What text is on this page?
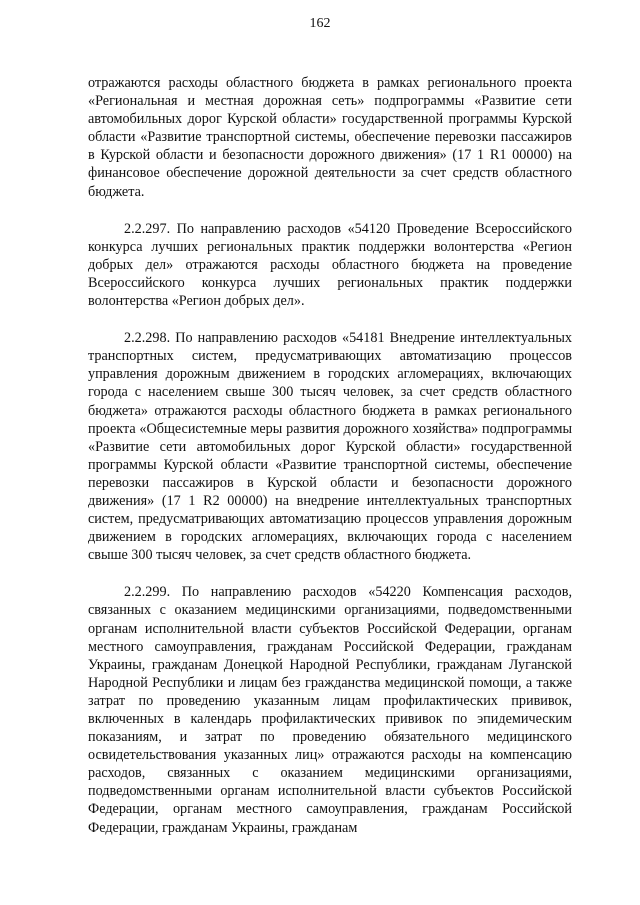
162

отражаются расходы областного бюджета в рамках регионального проекта «Региональная и местная дорожная сеть» подпрограммы «Развитие сети автомобильных дорог Курской области» государственной программы Курской области «Развитие транспортной системы, обеспечение перевозки пассажиров в Курской области и безопасности дорожного движения» (17 1 R1 00000) на финансовое обеспечение дорожной деятельности за счет средств областного бюджета.

2.2.297. По направлению расходов «54120 Проведение Всероссийского конкурса лучших региональных практик поддержки волонтерства «Регион добрых дел» отражаются расходы областного бюджета на проведение Всероссийского конкурса лучших региональных практик поддержки волонтерства «Регион добрых дел».

2.2.298. По направлению расходов «54181 Внедрение интеллектуальных транспортных систем, предусматривающих автоматизацию процессов управления дорожным движением в городских агломерациях, включающих города с населением свыше 300 тысяч человек, за счет средств областного бюджета» отражаются расходы областного бюджета в рамках регионального проекта «Общесистемные меры развития дорожного хозяйства» подпрограммы «Развитие сети автомобильных дорог Курской области» государственной программы Курской области «Развитие транспортной системы, обеспечение перевозки пассажиров в Курской области и безопасности дорожного движения» (17 1 R2 00000) на внедрение интеллектуальных транспортных систем, предусматривающих автоматизацию процессов управления дорожным движением в городских агломерациях, включающих города с населением свыше 300 тысяч человек, за счет средств областного бюджета.

2.2.299. По направлению расходов «54220 Компенсация расходов, связанных с оказанием медицинскими организациями, подведомственными органам исполнительной власти субъектов Российской Федерации, органам местного самоуправления, гражданам Российской Федерации, гражданам Украины, гражданам Донецкой Народной Республики, гражданам Луганской Народной Республики и лицам без гражданства медицинской помощи, а также затрат по проведению указанным лицам профилактических прививок, включенных в календарь профилактических прививок по эпидемическим показаниям, и затрат по проведению обязательного медицинского освидетельствования указанных лиц» отражаются расходы на компенсацию расходов, связанных с оказанием медицинскими организациями, подведомственными органам исполнительной власти субъектов Российской Федерации, органам местного самоуправления, гражданам Российской Федерации, гражданам Украины, гражданам
